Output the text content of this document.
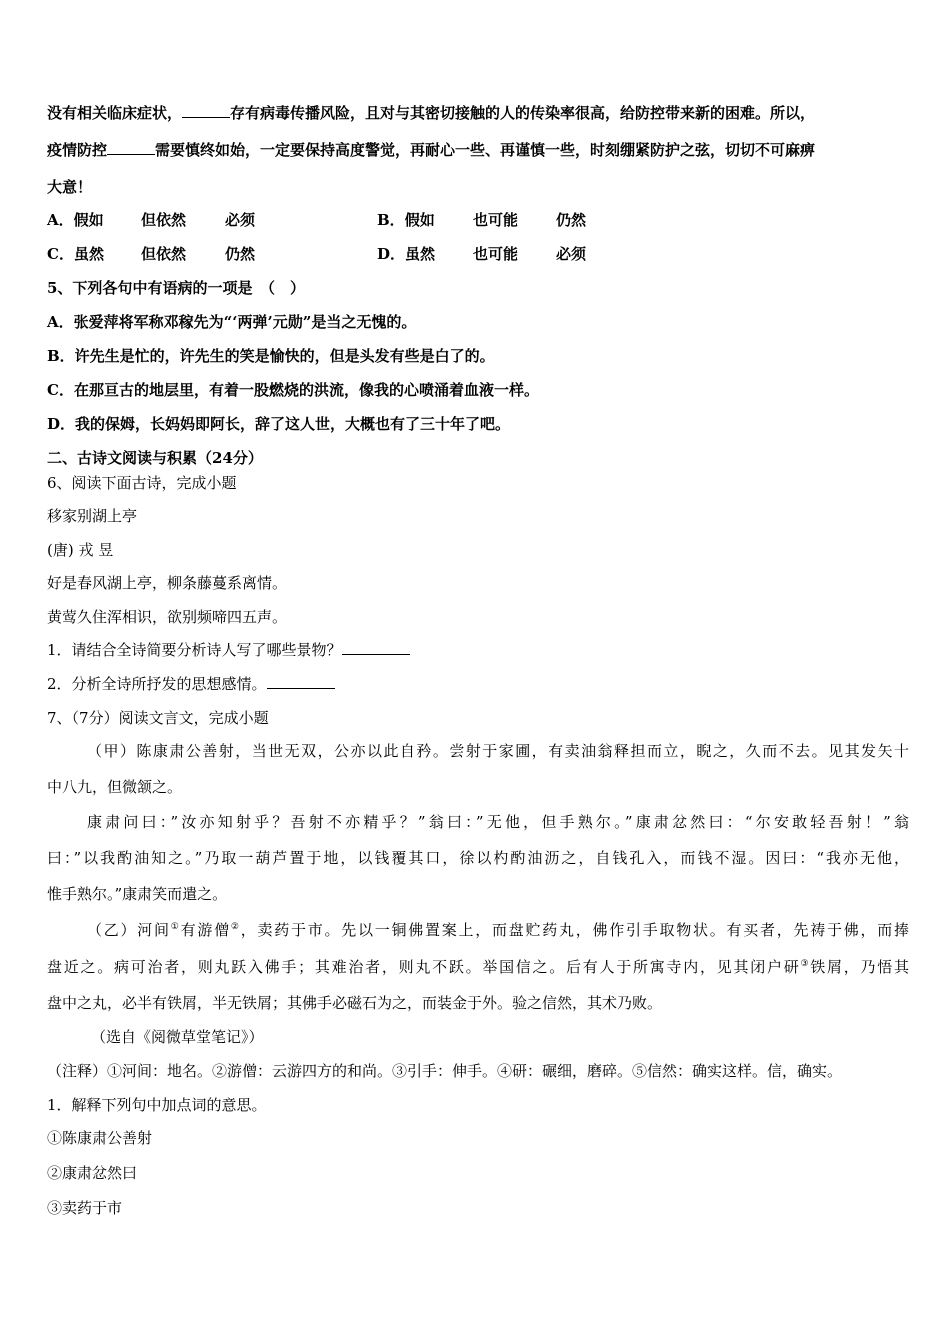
没有相关临床症状，	存有病毒传播风险，且对与其密切接触的人的传染率很高，给防控带来新的困难。所以，
疫情防控	需要慎终如始，一定要保持高度警觉，再耐心一些、再谨慎一些，时刻绷紧防护之弦，切切不可麻痹
大意！
A．假如 但依然	必须	B．假如	也可能	仍然
C．虽然 但依然	仍然	D．虽然	也可能	必须
5、下列各句中有语病的一项是　（　）
A．张爱萍将军称邓稼先为“‘两弹’元勋”是当之无愧的。
B．许先生是忙的，许先生的笑是愉快的，但是头发有些是白了的。
C．在那亘古的地层里，有着一股燃烧的洪流，像我的心喷涌着血液一样。
D．我的保姆，长妈妈即阿长，辞了这人世，大概也有了三十年了吧。
二、古诗文阅读与积累（24分）
6、阅读下面古诗，完成小题
移家别湖上亭
(唐) 戎 昱
好是春风湖上亭，柳条藤蔓系离情。
黄莺久住浑相识，欲别频啼四五声。
1．请结合全诗简要分析诗人写了哪些景物？
2．分析全诗所抒发的思想感情。
7、（7分）阅读文言文，完成小题
（甲）陈康肃公善射，当世无双，公亦以此自矜。尝射于家圃，有卖油翁释担而立，睨之，久而不去。见其发矢十
中八九，但微颔之。
康肃问曰：”汝亦知射乎？吾射不亦精乎？”翁曰：”无他，但手熟尔。”康肃忿然曰：“尔安敢轻吾射！”翁
曰：”以我酌油知之。”乃取一葫芦置于地，以钱覆其口，徐以杓酌油沥之，自钱孔入，而钱不湿。因曰：“我亦无他，
惟手熟尔。”康肃笑而遣之。
（乙）河间①有游僧②，卖药于市。先以一铜佛置案上，而盘贮药丸，佛作引手取物状。有买者，先祷于佛，而捧
盘近之。病可治者，则丸跃入佛手；其难治者，则丸不跃。举国信之。后有人于所寓寺内，见其闭户研③铁屑，乃悟其
盘中之丸，必半有铁屑，半无铁屑；其佛手必磁石为之，而装金于外。验之信然，其术乃败。
（选自《阅微草堂笔记》）
（注释）①河间：地名。②游僧：云游四方的和尚。③引手：伸手。④研：碾细，磨碎。⑤信然：确实这样。信，确实。
1．解释下列句中加点词的意思。
①陈康肃公善射
②康肃忿然曰
③卖药于市
